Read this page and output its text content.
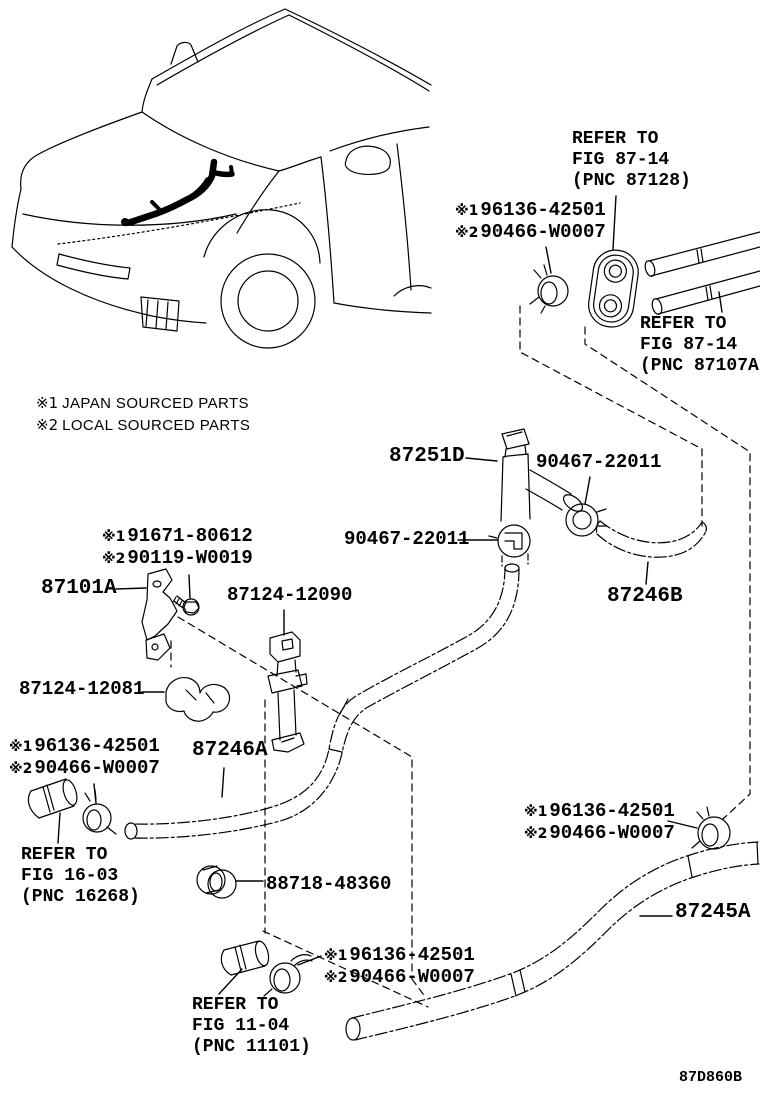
REFER TO
FIG 87-14
(PNC 87128)
※1 96136-42501
※2 90466-W0007
REFER TO
FIG 87-14
(PNC 87107A
※1 JAPAN SOURCED PARTS
※2 LOCAL SOURCED PARTS
87251D	90467-22011
90467-22011
87246B
※1 91671-80612
※2 90119-W0019
87101A	87124-12090
87124-12081
※1 96136-42501
※2 90466-W0007
87246A
REFER TO
FIG 16-03
(PNC 16268)
88718-48360
※1 96136-42501
※2 90466-W0007
87245A
※1 96136-42501
※2 90466-W0007
REFER TO
FIG 11-04
(PNC 11101)
87D860B
